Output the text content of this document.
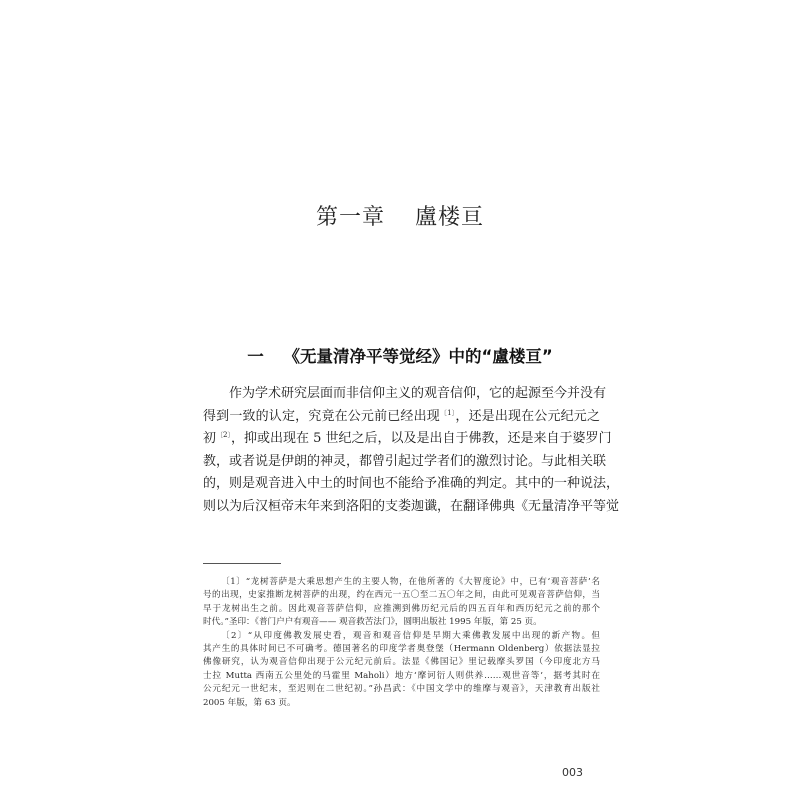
第一章 盧楼亘
一 《无量清净平等觉经》中的“盧楼亘”
作为学术研究层面而非信仰主义的观音信仰，它的起源至今并没有
得到一致的认定，究竟在公元前已经出现$^{〔1〕}$，还是出现在公元纪元之
初$^{〔2〕}$，抑或出现在 5 世纪之后，以及是出自于佛教，还是来自于婆罗门
教，或者说是伊朗的神灵，都曾引起过学者们的激烈讨论。与此相关联
的，则是观音进入中土的时间也不能给予准确的判定。其中的一种说法，
则以为后汉桓帝末年来到洛阳的支娄迦谶，在翻译佛典《无量清净平等觉
〔1〕“龙树菩萨是大乘思想产生的主要人物，在他所著的《大智度论》中，已有‘观音菩萨’名
号的出现，史家推断龙树菩萨的出现，约在西元一五〇至二五〇年之间，由此可见观音菩萨信仰，当
早于龙树出生之前。因此观音菩萨信仰，应推溯到佛历纪元后的四五百年和西历纪元之前的那个
时代。”圣印：《普门户户有观音—— 观音救苦法门》，圆明出版社 1995 年版，第 25 页。
〔2〕“从印度佛教发展史看，观音和观音信仰是早期大乘佛教发展中出现的新产物。但
其产生的具体时间已不可确考。德国著名的印度学者奥登堡（Hermann Oldenberg）依据法显拉
佛像研究，认为观音信仰出现于公元纪元前后。法显《佛国记》里记载摩头罗国（今印度北方马
士拉 Mutta 西南五公里处的马霍里 Maholi）地方‘摩诃衍人则供养……观世音等’，据考其时在
公元纪元一世纪末，至迟则在二世纪初。”孙昌武：《中国文学中的维摩与观音》，天津教育出版社
2005 年版，第 63 页。
003
